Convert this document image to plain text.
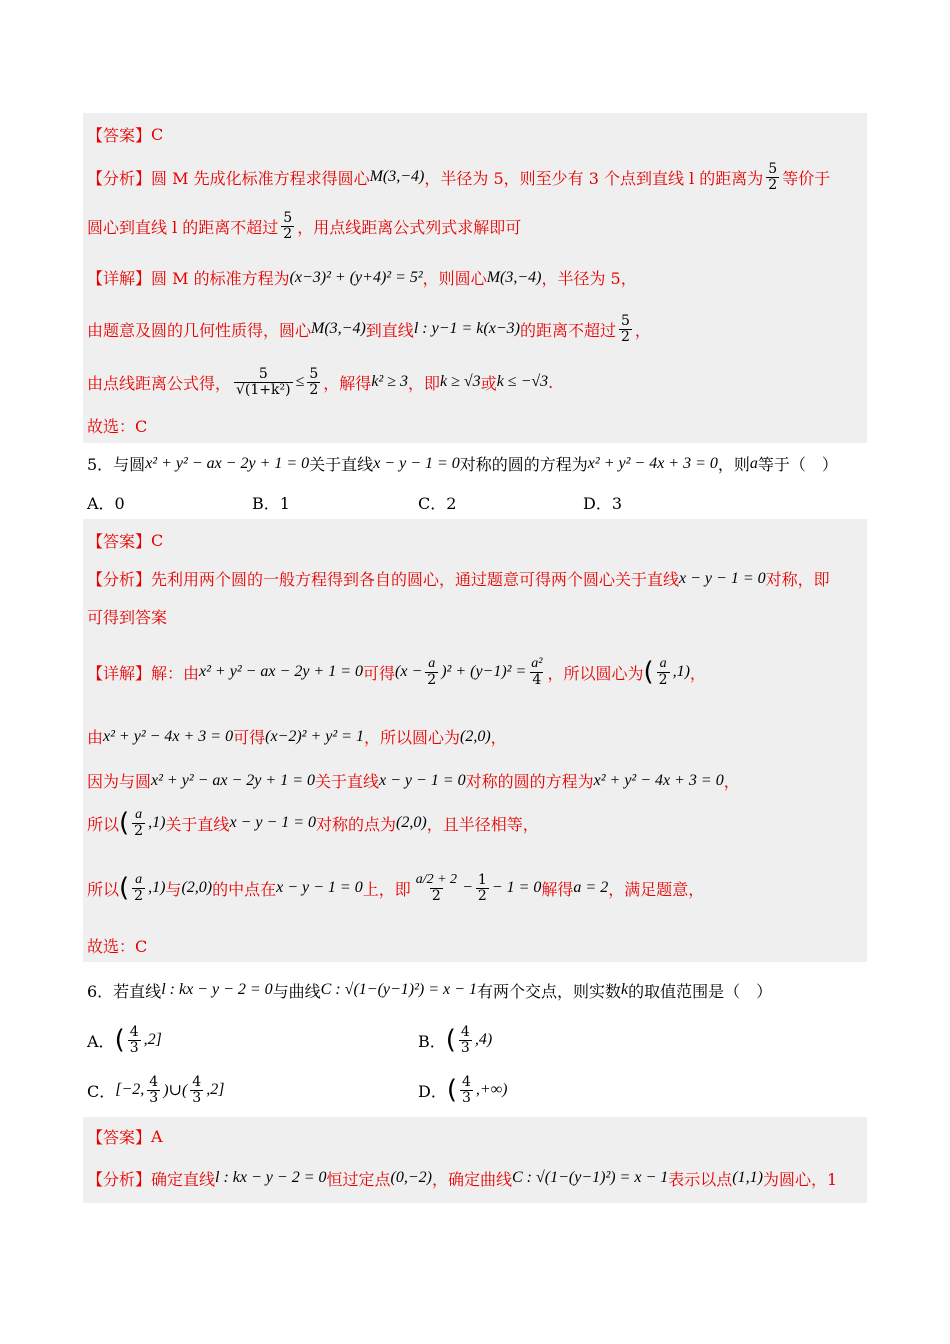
【答案】 C
【分析】 圆 M 先成化标准方程求得圆心 M(3,−4) ，半径为 5，则至少有 3 个点到直线 l 的距离为 $\frac{5}{2}$ 等价于
圆心到直线 l 的距离不超过 $\frac{5}{2}$ ，用点线距离公式列式求解即可
【详解】 圆 M 的标准方程为 (x−3)² + (y+4)² = 5² ，则圆心 M(3,−4) ，半径为 5，
由题意及圆的几何性质得，圆心 M(3,−4) 到直线 l : y−1 = k(x−3) 的距离不超过 $\frac{5}{2}$ ，
由点线距离公式得， $\frac{5}{\text{√(1+k²)}} \le \frac{5}{2}$ ，解得 k² ≥ 3 ，即 k ≥ √3 或 k ≤ −√3 .
故选：C
5．与圆 x² + y² − ax − 2y + 1 = 0 关于直线 x − y − 1 = 0 对称的圆的方程为 x² + y² − 4x + 3 = 0 ，则 a 等于（　）
A．0	B．1	C．2	D．3
【答案】 C
【分析】 先利用两个圆的一般方程得到各自的圆心，通过题意可得两个圆心关于直线 x − y − 1 = 0 对称，即
可得到答案
【详解】 解：由 x² + y² − ax − 2y + 1 = 0 可得 $(x - \frac{a}{2} )^2 + (y-1)^2 = \frac{\text{a²}}{4}$ ，所以圆心为 ( $\frac{a}{2} ,1$) ，
由 x² + y² − 4x + 3 = 0 可得 (x−2)² + y² = 1 ，所以圆心为 (2,0) ，
因为与圆 x² + y² − ax − 2y + 1 = 0 关于直线 x − y − 1 = 0 对称的圆的方程为 x² + y² − 4x + 3 = 0 ，
所以 ( $\frac{a}{2} ,1$) 关于直线 x − y − 1 = 0 对称的点为 (2,0) ，且半径相等，
所以 ( $\frac{a}{2} ,1$) 与 (2,0) 的中点在 x − y − 1 = 0 上，即 $\frac{a/2 + 2}{2} - \frac{1}{2} - 1 = 0$ 解得 a = 2 ，满足题意，
故选：C
6．若直线 l : kx − y − 2 = 0 与曲线 C : √(1−(y−1)²) = x − 1 有两个交点，则实数 k 的取值范围是（　）
A． ( $\frac{4}{3} ,2$]	B． ( $\frac{4}{3} ,4$)
C． [−2, $\frac{4}{3}$ )∪( $\frac{4}{3} ,2$]	D． ( $\frac{4}{3}$ ,+∞)
【答案】 A
【分析】 确定直线 l : kx − y − 2 = 0 恒过定点 (0,−2) ，确定曲线 C : √(1−(y−1)²) = x − 1 表示以点 (1,1) 为圆心，1
